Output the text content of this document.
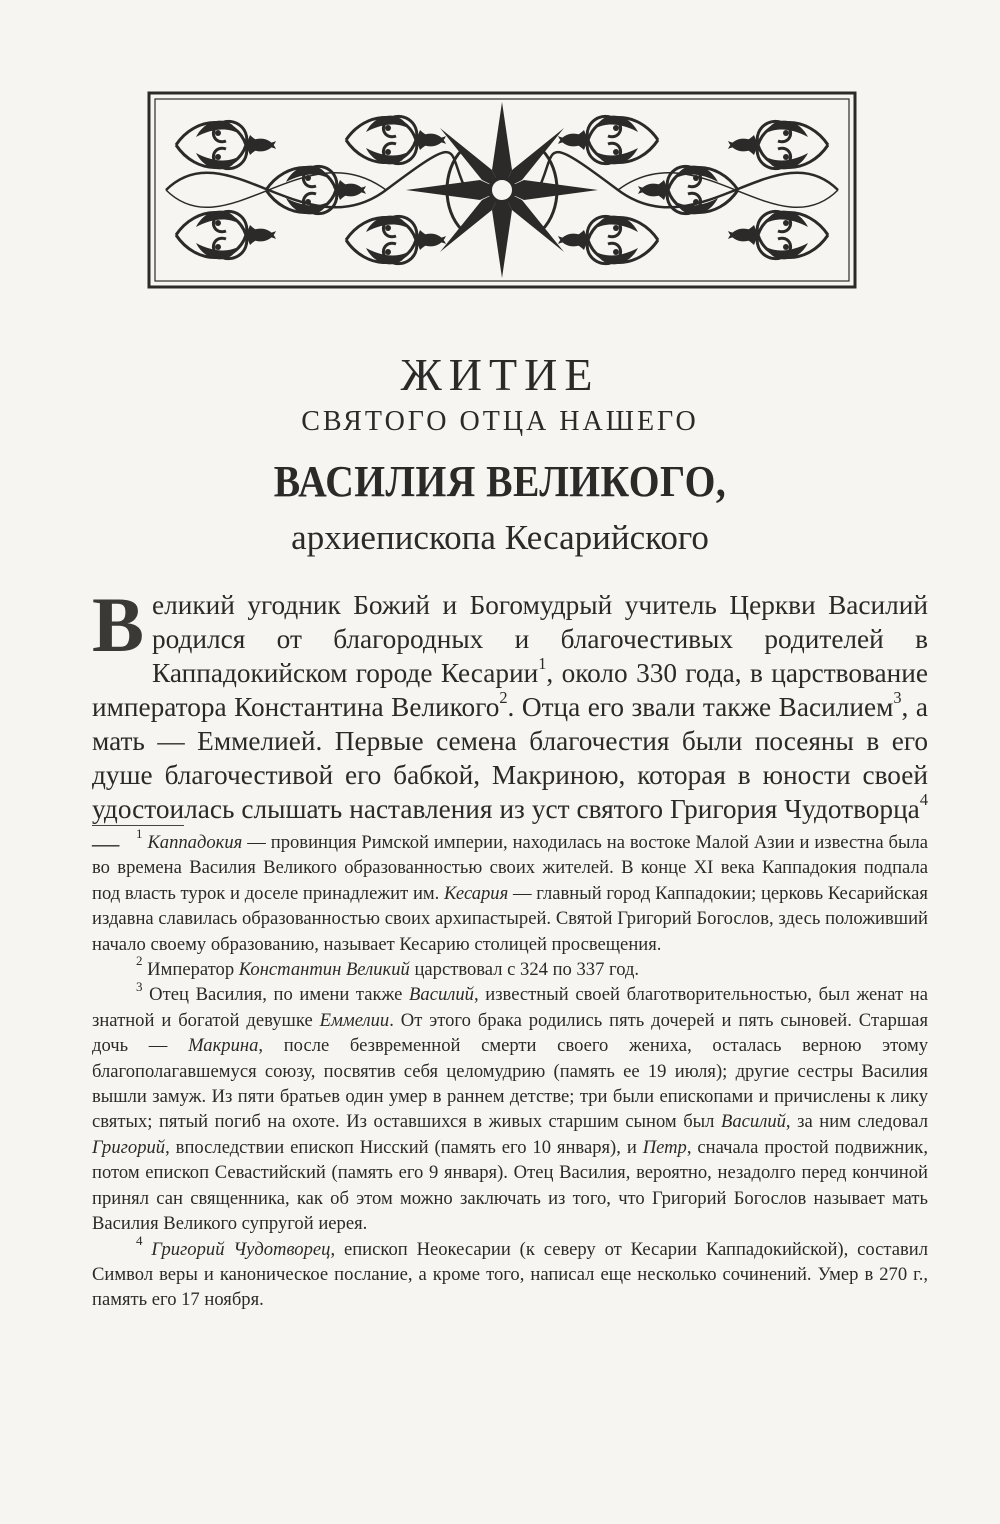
ЖИТИЕ
СВЯТОГО ОТЦА НАШЕГО
ВАСИЛИЯ ВЕЛИКОГО,
архиепископа Кесарийского

Великий угодник Божий и Богомудрый учитель Церкви Василий родился от благородных и благочестивых родителей в Каппадокийском городе Кесарии$^1$, около 330 года, в царствование императора Константина Великого$^2$. Отца его звали также Василием$^3$, а мать — Еммелией. Первые семена благочестия были посеяны в его душе благочестивой его бабкой, Макриною, которая в юности своей удостоилась слышать наставления из уст святого Григория Чудотворца$^4$ —	$^1$ Каппадокия — провинция Римской империи, находилась на востоке Малой Азии и известна была во времена Василия Великого образованностью своих жителей. В конце XI века Каппадокия подпала под власть турок и доселе принадлежит им. Кесария — главный город Каппадокии; церковь Кесарийская издавна славилась образованностью своих архипастырей. Святой Григорий Богослов, здесь положивший начало своему образованию, называет Кесарию столицей просвещения.

$^2$ Император Константин Великий царствовал с 324 по 337 год.

$^3$ Отец Василия, по имени также Василий, известный своей благотворительностью, был женат на знатной и богатой девушке Еммелии. От этого брака родились пять дочерей и пять сыновей. Старшая дочь — Макрина, после безвременной смерти своего жениха, осталась верною этому благополагавшемуся союзу, посвятив себя целомудрию (память ее 19 июля); другие сестры Василия вышли замуж. Из пяти братьев один умер в раннем детстве; три были епископами и причислены к лику святых; пятый погиб на охоте. Из оставшихся в живых старшим сыном был Василий, за ним следовал Григорий, впоследствии епископ Нисский (память его 10 января), и Петр, сначала простой подвижник, потом епископ Севастийский (память его 9 января). Отец Василия, вероятно, незадолго перед кончиной принял сан священника, как об этом можно заключать из того, что Григорий Богослов называет мать Василия Великого супругой иерея.

$^4$ Григорий Чудотворец, епископ Неокесарии (к северу от Кесарии Каппадокийской), составил Символ веры и каноническое послание, а кроме того, написал еще несколько сочинений. Умер в 270 г., память его 17 ноября.
